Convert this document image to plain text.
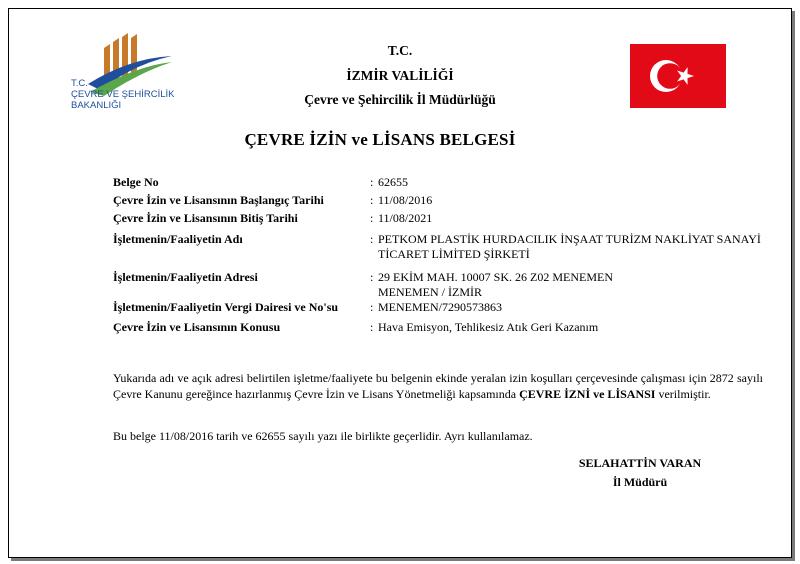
T.C.
ÇEVRE VE ŞEHİRCİLİK
BAKANLIĞI
T.C.
İZMİR VALİLİĞİ
Çevre ve Şehircilik İl Müdürlüğü
ÇEVRE İZİN ve LİSANS BELGESİ
Belge No	: 62655
Çevre İzin ve Lisansının Başlangıç Tarihi	: 11/08/2016
Çevre İzin ve Lisansının Bitiş Tarihi	: 11/08/2021
İşletmenin/Faaliyetin Adı	: PETKOM PLASTİK HURDACILIK İNŞAAT TURİZM NAKLİYAT SANAYİ TİCARET LİMİTED ŞİRKETİ
İşletmenin/Faaliyetin Adresi	: 29 EKİM MAH. 10007 SK. 26 Z02 MENEMEN MENEMEN / İZMİR
İşletmenin/Faaliyetin Vergi Dairesi ve No'su	: MENEMEN/7290573863
Çevre İzin ve Lisansının Konusu	: Hava Emisyon, Tehlikesiz Atık Geri Kazanım
Yukarıda adı ve açık adresi belirtilen işletme/faaliyete bu belgenin ekinde yeralan izin koşulları çerçevesinde çalışması için 2872 sayılı Çevre Kanunu gereğince hazırlanmış Çevre İzin ve Lisans Yönetmeliği kapsamında ÇEVRE İZNİ ve LİSANSI verilmiştir.
Bu belge 11/08/2016 tarih ve 62655 sayılı yazı ile birlikte geçerlidir. Ayrı kullanılamaz.
SELAHATTİN VARAN
İl Müdürü
